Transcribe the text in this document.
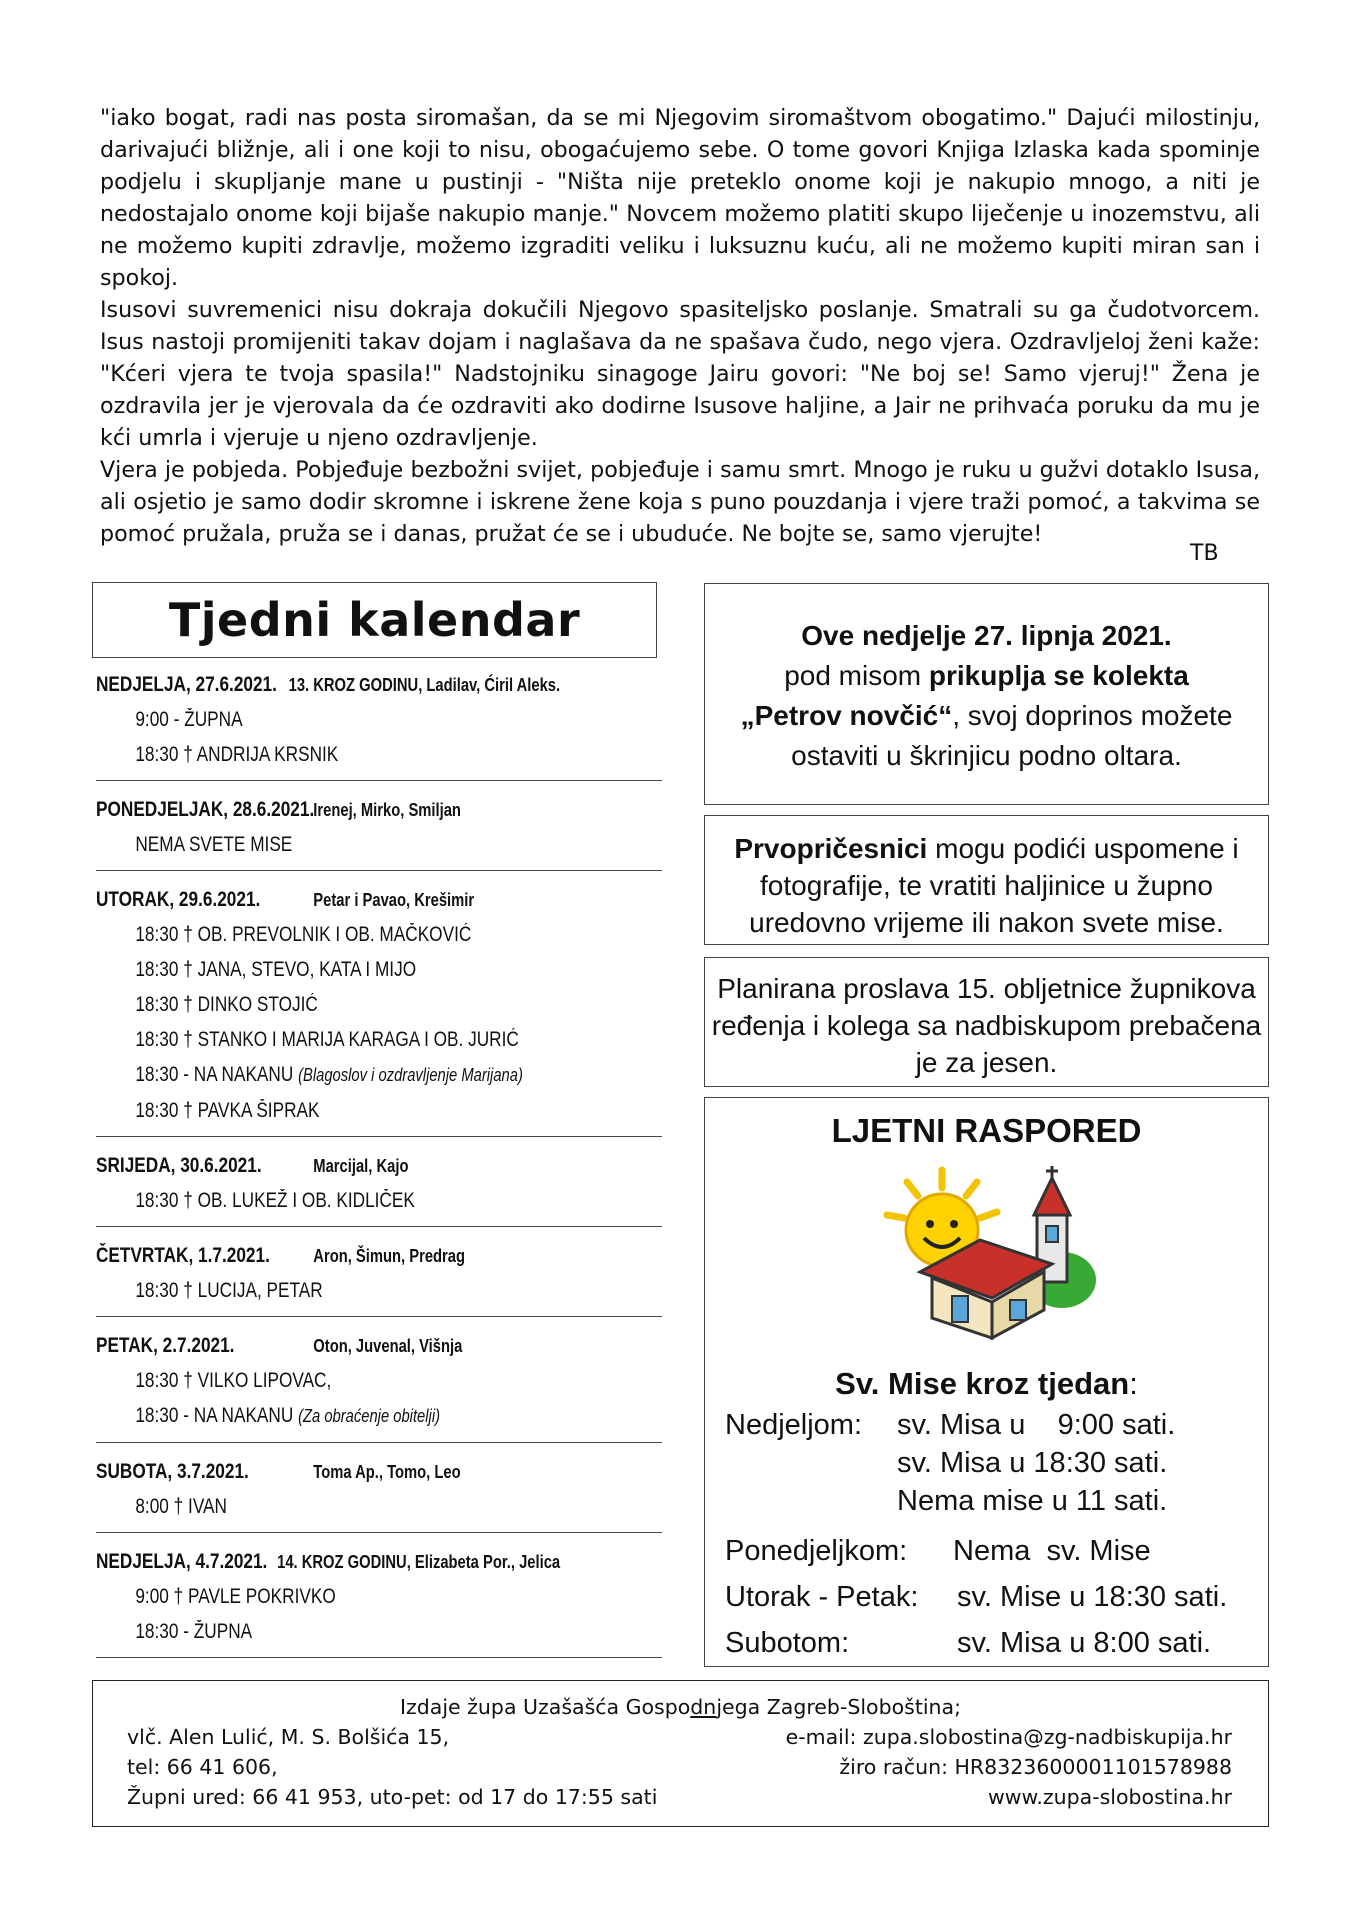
"iako bogat, radi nas posta siromašan, da se mi Njegovim siromaštvom obogatimo." Dajući milostinju, darivajući bližnje, ali i one koji to nisu, obogaćujemo sebe. O tome govori Knjiga Izlaska kada spominje podjelu i skupljanje mane u pustinji - "Ništa nije preteklo onome koji je nakupio mnogo, a niti je nedostajalo onome koji bijaše nakupio manje." Novcem možemo platiti skupo liječenje u inozemstvu, ali ne možemo kupiti zdravlje, možemo izgraditi veliku i luksuznu kuću, ali ne možemo kupiti miran san i spokoj.

Isusovi suvremenici nisu dokraja dokučili Njegovo spasiteljsko poslanje. Smatrali su ga čudotvorcem. Isus nastoji promijeniti takav dojam i naglašava da ne spašava čudo, nego vjera. Ozdravljeloj ženi kaže: "Kćeri vjera te tvoja spasila!" Nadstojniku sinagoge Jairu govori: "Ne boj se! Samo vjeruj!" Žena je ozdravila jer je vjerovala da će ozdraviti ako dodirne Isusove haljine, a Jair ne prihvaća poruku da mu je kći umrla i vjeruje u njeno ozdravljenje.

Vjera je pobjeda. Pobjeđuje bezbožni svijet, pobjeđuje i samu smrt. Mnogo je ruku u gužvi dotaklo Isusa, ali osjetio je samo dodir skromne i iskrene žene koja s puno pouzdanja i vjere traži pomoć, a takvima se pomoć pružala, pruža se i danas, pružat će se i ubuduće. Ne bojte se, samo vjerujte!

TB
Tjedni kalendar
NEDJELJA, 27.6.2021. 13. KROZ GODINU, Ladilav, Ćiril Aleks.
9:00 - ŽUPNA
18:30 † ANDRIJA KRSNIK
PONEDJELJAK, 28.6.2021. Irenej, Mirko, Smiljan
NEMA SVETE MISE
UTORAK, 29.6.2021.	Petar i Pavao, Krešimir
18:30 † OB. PREVOLNIK I OB. MAČKOVIĆ
18:30 † JANA, STEVO, KATA I MIJO
18:30 † DINKO STOJIĆ
18:30 † STANKO I MARIJA KARAGA I OB. JURIĆ
18:30 - NA NAKANU (Blagoslov i ozdravljenje Marijana)
18:30 † PAVKA ŠIPRAK
SRIJEDA, 30.6.2021.	Marcijal, Kajo
18:30 † OB. LUKEŽ I OB. KIDLIČEK
ČETVRTAK, 1.7.2021.	Aron, Šimun, Predrag
18:30 † LUCIJA, PETAR
PETAK, 2.7.2021.	Oton, Juvenal, Višnja
18:30 † VILKO LIPOVAC,
18:30 - NA NAKANU (Za obraćenje obitelji)
SUBOTA, 3.7.2021.	Toma Ap., Tomo, Leo
8:00 † IVAN
NEDJELJA, 4.7.2021. 14. KROZ GODINU, Elizabeta Por., Jelica
9:00 † PAVLE POKRIVKO
18:30 - ŽUPNA
Ove nedjelje 27. lipnja 2021.
pod misom prikuplja se kolekta
„Petrov novčić“, svoj doprinos možete
ostaviti u škrinjicu podno oltara.
Prvopričesnici mogu podići uspomene i fotografije, te vratiti haljinice u župno uredovno vrijeme ili nakon svete mise.
Planirana proslava 15. obljetnice župnikova ređenja i kolega sa nadbiskupom prebačena je za jesen.
LJETNI RASPORED
Sv. Mise kroz tjedan:
Nedjeljom:	sv. Misa u    9:00 sati.
sv. Misa u 18:30 sati.
Nema mise u 11 sati.
Ponedjeljkom:	Nema  sv. Mise
Utorak - Petak:	sv. Mise u 18:30 sati.
Subotom:	sv. Misa u 8:00 sati.
Izdaje župa Uzašašća Gospodnjega Zagreb-Sloboština;
vlč. Alen Lulić, M. S. Bolšića 15,
tel: 66 41 606,
Župni ured: 66 41 953, uto-pet: od 17 do 17:55 sati
e-mail: zupa.slobostina@zg-nadbiskupija.hr
žiro račun: HR8323600001101578988
www.zupa-slobostina.hr
